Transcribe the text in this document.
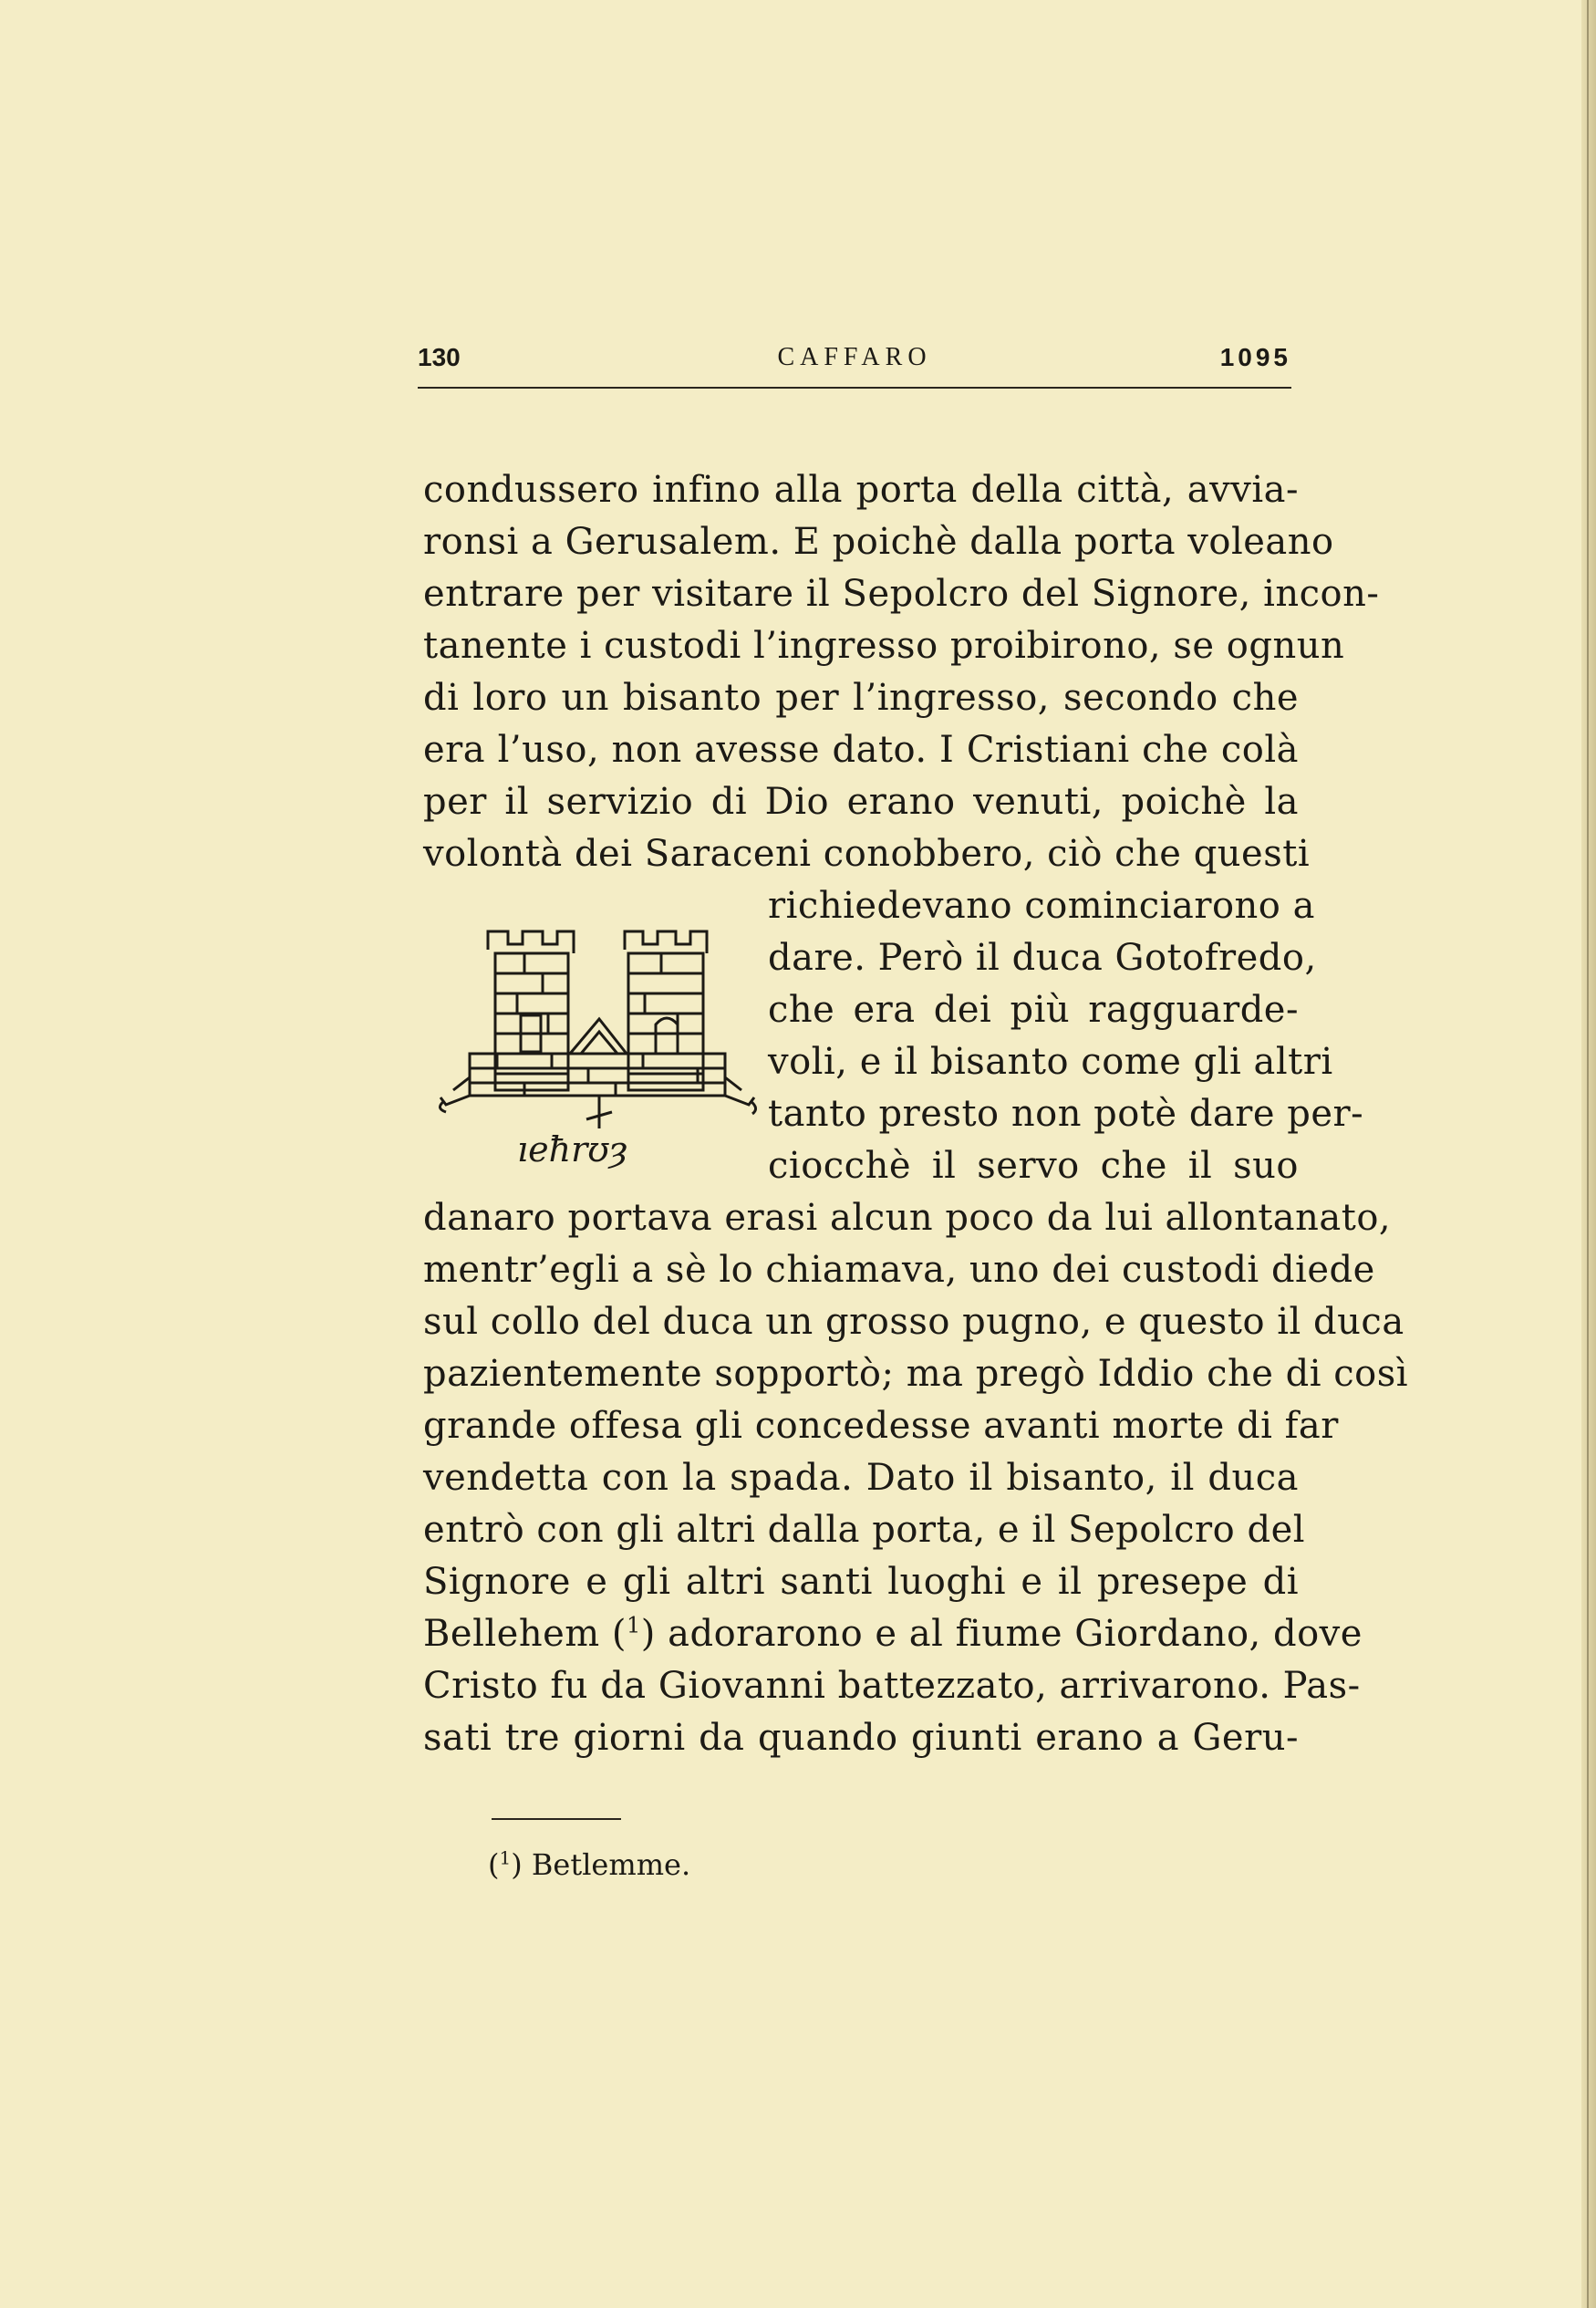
130	CAFFARO	1095
condussero infino alla porta della città, avvia-
ronsi a Gerusalem. E poichè dalla porta voleano
entrare per visitare il Sepolcro del Signore, incon-
tanente i custodi l’ingresso proibirono, se ognun
di loro un bisanto per l’ingresso, secondo che
era l’uso, non avesse dato. I Cristiani che colà
per il servizio di Dio erano venuti, poichè la
volontà dei Saraceni conobbero, ciò che questi
richiedevano cominciarono a
dare. Però il duca Gotofredo,
che era dei più ragguarde-
voli, e il bisanto come gli altri
tanto presto non potè dare per-
ciocchè il servo che il suo
ıeħrʊȝ
danaro portava erasi alcun poco da lui allontanato,
mentr’egli a sè lo chiamava, uno dei custodi diede
sul collo del duca un grosso pugno, e questo il duca
pazientemente sopportò; ma pregò Iddio che di così
grande offesa gli concedesse avanti morte di far
vendetta con la spada. Dato il bisanto, il duca
entrò con gli altri dalla porta, e il Sepolcro del
Signore e gli altri santi luoghi e il presepe di
Bellehem ($^1$) adorarono e al fiume Giordano, dove
Cristo fu da Giovanni battezzato, arrivarono. Pas-
sati tre giorni da quando giunti erano a Geru-
($^1$) Betlemme.
